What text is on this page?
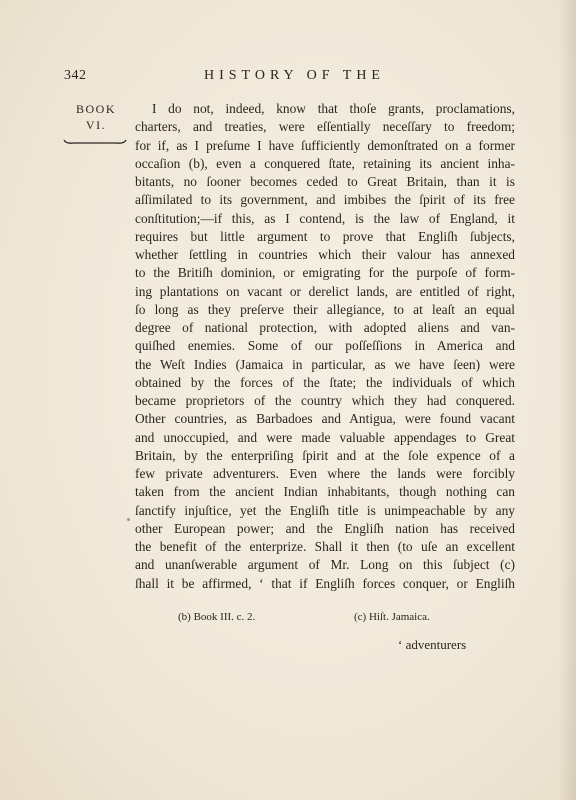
342	HISTORY OF THE
BOOK
VI.
I do not, indeed, know that thoſe grants, proclamations,
charters, and treaties, were eſſentially neceſſary to freedom;
for if, as I preſume I have ſufficiently demonſtrated on a former
occaſion (b), even a conquered ſtate, retaining its ancient inha-
bitants, no ſooner becomes ceded to Great Britain, than it is
aſſimilated to its government, and imbibes the ſpirit of its free
conſtitution;—if this, as I contend, is the law of England, it
requires but little argument to prove that Engliſh ſubjects,
whether ſettling in countries which their valour has annexed
to the Britiſh dominion, or emigrating for the purpoſe of form-
ing plantations on vacant or derelict lands, are entitled of right,
ſo long as they preſerve their allegiance, to at leaſt an equal
degree of national protection, with adopted aliens and van-
quiſhed enemies. Some of our poſſeſſions in America and
the Weſt Indies (Jamaica in particular, as we have ſeen) were
obtained by the forces of the ſtate; the individuals of which
became proprietors of the country which they had conquered.
Other countries, as Barbadoes and Antigua, were found vacant
and unoccupied, and were made valuable appendages to Great
Britain, by the enterpriſing ſpirit and at the ſole expence of a
few private adventurers. Even where the lands were forcibly
taken from the ancient Indian inhabitants, though nothing can
ſanctify injuſtice, yet the Engliſh title is unimpeachable by any
other European power; and the Engliſh nation has received
the benefit of the enterprize. Shall it then (to uſe an excellent
and unanſwerable argument of Mr. Long on this ſubject (c)
ſhall it be affirmed, ‘ that if Engliſh forces conquer, or Engliſh
(b) Book III. c. 2.	(c) Hiſt. Jamaica.
‘ adventurers
